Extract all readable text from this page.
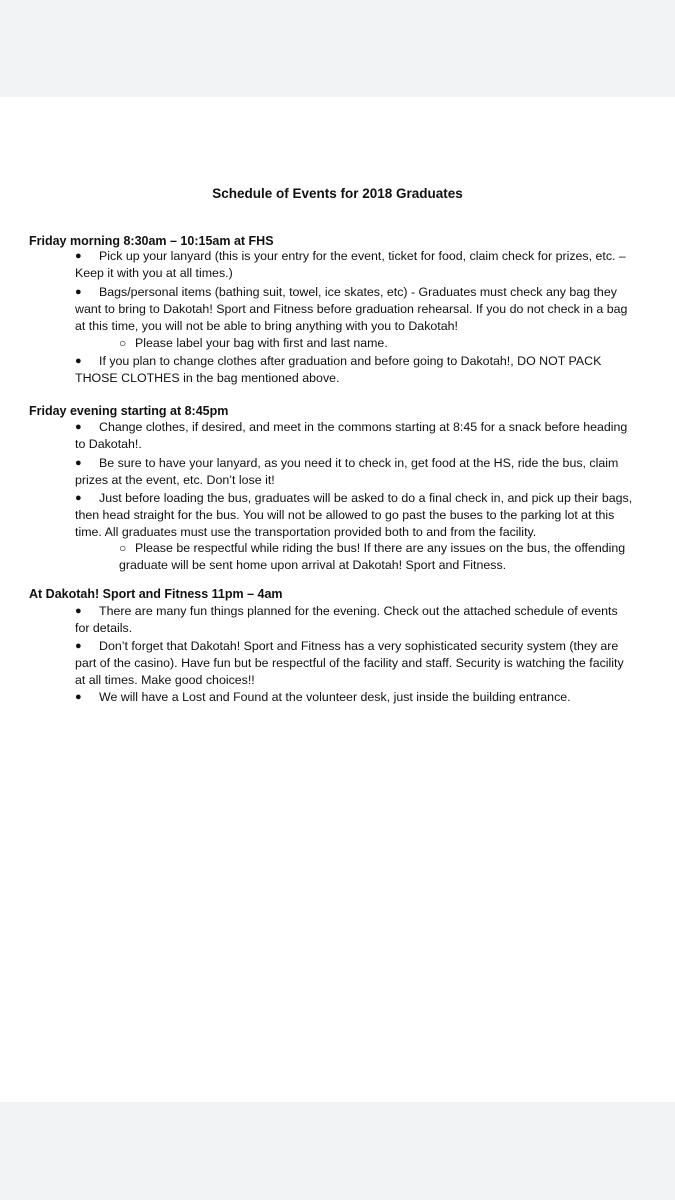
Schedule of Events for 2018 Graduates
Friday morning 8:30am – 10:15am at FHS
●	Pick up your lanyard (this is your entry for the event, ticket for food, claim check for prizes, etc. – Keep it with you at all times.)
●	Bags/personal items (bathing suit, towel, ice skates, etc) - Graduates must check any bag they want to bring to Dakotah! Sport and Fitness before graduation rehearsal. If you do not check in a bag at this time, you will not be able to bring anything with you to Dakotah!
○ Please label your bag with first and last name.
●	If you plan to change clothes after graduation and before going to Dakotah!, DO NOT PACK THOSE CLOTHES in the bag mentioned above.
Friday evening starting at 8:45pm
●	Change clothes, if desired, and meet in the commons starting at 8:45 for a snack before heading to Dakotah!.
●	Be sure to have your lanyard, as you need it to check in, get food at the HS, ride the bus, claim prizes at the event, etc. Don’t lose it!
●	Just before loading the bus, graduates will be asked to do a final check in, and pick up their bags, then head straight for the bus. You will not be allowed to go past the buses to the parking lot at this time. All graduates must use the transportation provided both to and from the facility.
○ Please be respectful while riding the bus! If there are any issues on the bus, the offending graduate will be sent home upon arrival at Dakotah! Sport and Fitness.
At Dakotah! Sport and Fitness 11pm – 4am
●	There are many fun things planned for the evening. Check out the attached schedule of events for details.
●	Don’t forget that Dakotah! Sport and Fitness has a very sophisticated security system (they are part of the casino). Have fun but be respectful of the facility and staff. Security is watching the facility at all times. Make good choices!!
●	We will have a Lost and Found at the volunteer desk, just inside the building entrance.
